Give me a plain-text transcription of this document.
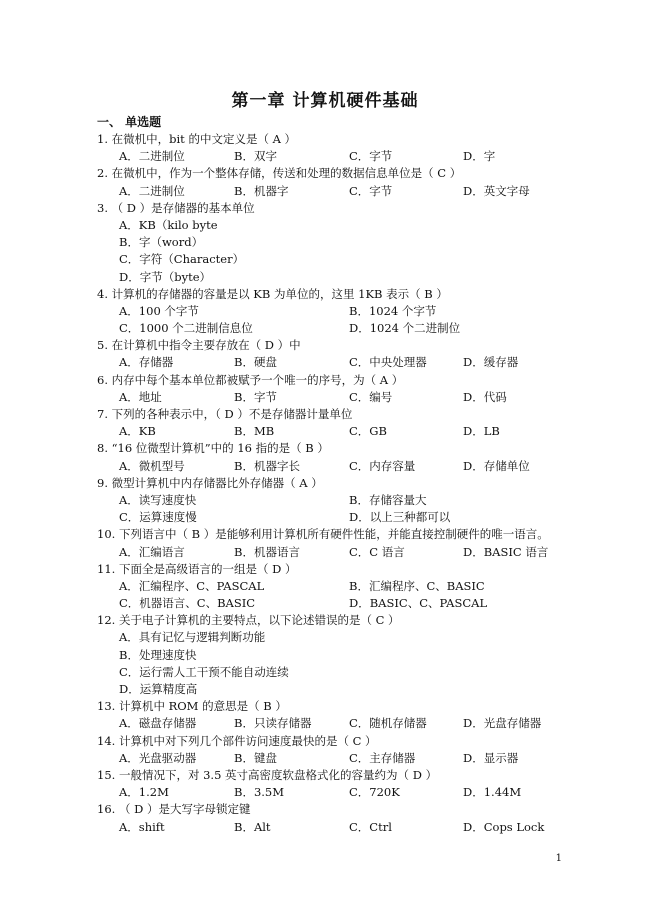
第一章 计算机硬件基础
一、 单选题
1. 在微机中，bit 的中文定义是（ A ）
A．二进制位	B．双字	C．字节	D．字
2. 在微机中，作为一个整体存储，传送和处理的数据信息单位是（ C ）
A．二进制位	B．机器字	C．字节	D．英文字母
3. （ D ）是存储器的基本单位
A．KB（kilo byte
B．字（word）
C．字符（Character）
D．字节（byte）
4. 计算机的存储器的容量是以 KB 为单位的，这里 1KB 表示（ B ）
A．100 个字节	B．1024 个字节
C．1000 个二进制信息位	D．1024 个二进制位
5. 在计算机中指令主要存放在（ D ）中
A．存储器	B．硬盘	C．中央处理器	D．缓存器
6. 内存中每个基本单位都被赋予一个唯一的序号，为（ A ）
A．地址	B．字节	C．编号	D．代码
7. 下列的各种表示中，（ D ）不是存储器计量单位
A．KB	B．MB	C．GB	D．LB
8. “16 位微型计算机”中的 16 指的是（ B ）
A．微机型号	B．机器字长	C．内存容量	D．存储单位
9. 微型计算机中内存储器比外存储器（ A ）
A．读写速度快	B．存储容量大
C．运算速度慢	D．以上三种都可以
10. 下列语言中（ B ）是能够利用计算机所有硬件性能，并能直接控制硬件的唯一语言。
A．汇编语言	B．机器语言	C．C 语言	D．BASIC 语言
11. 下面全是高级语言的一组是（ D ）
A．汇编程序、C、PASCAL	B．汇编程序、C、BASIC
C．机器语言、C、BASIC	D．BASIC、C、PASCAL
12. 关于电子计算机的主要特点，以下论述错误的是（ C ）
A．具有记忆与逻辑判断功能
B．处理速度快
C．运行需人工干预不能自动连续
D．运算精度高
13. 计算机中 ROM 的意思是（ B ）
A．磁盘存储器	B．只读存储器	C．随机存储器	D．光盘存储器
14. 计算机中对下列几个部件访问速度最快的是（ C ）
A．光盘驱动器	B．键盘	C．主存储器	D．显示器
15. 一般情况下，对 3.5 英寸高密度软盘格式化的容量约为（ D ）
A．1.2M	B．3.5M	C．720K	D．1.44M
16. （ D ）是大写字母锁定键
A．shift	B．Alt	C．Ctrl	D．Cops Lock
1
